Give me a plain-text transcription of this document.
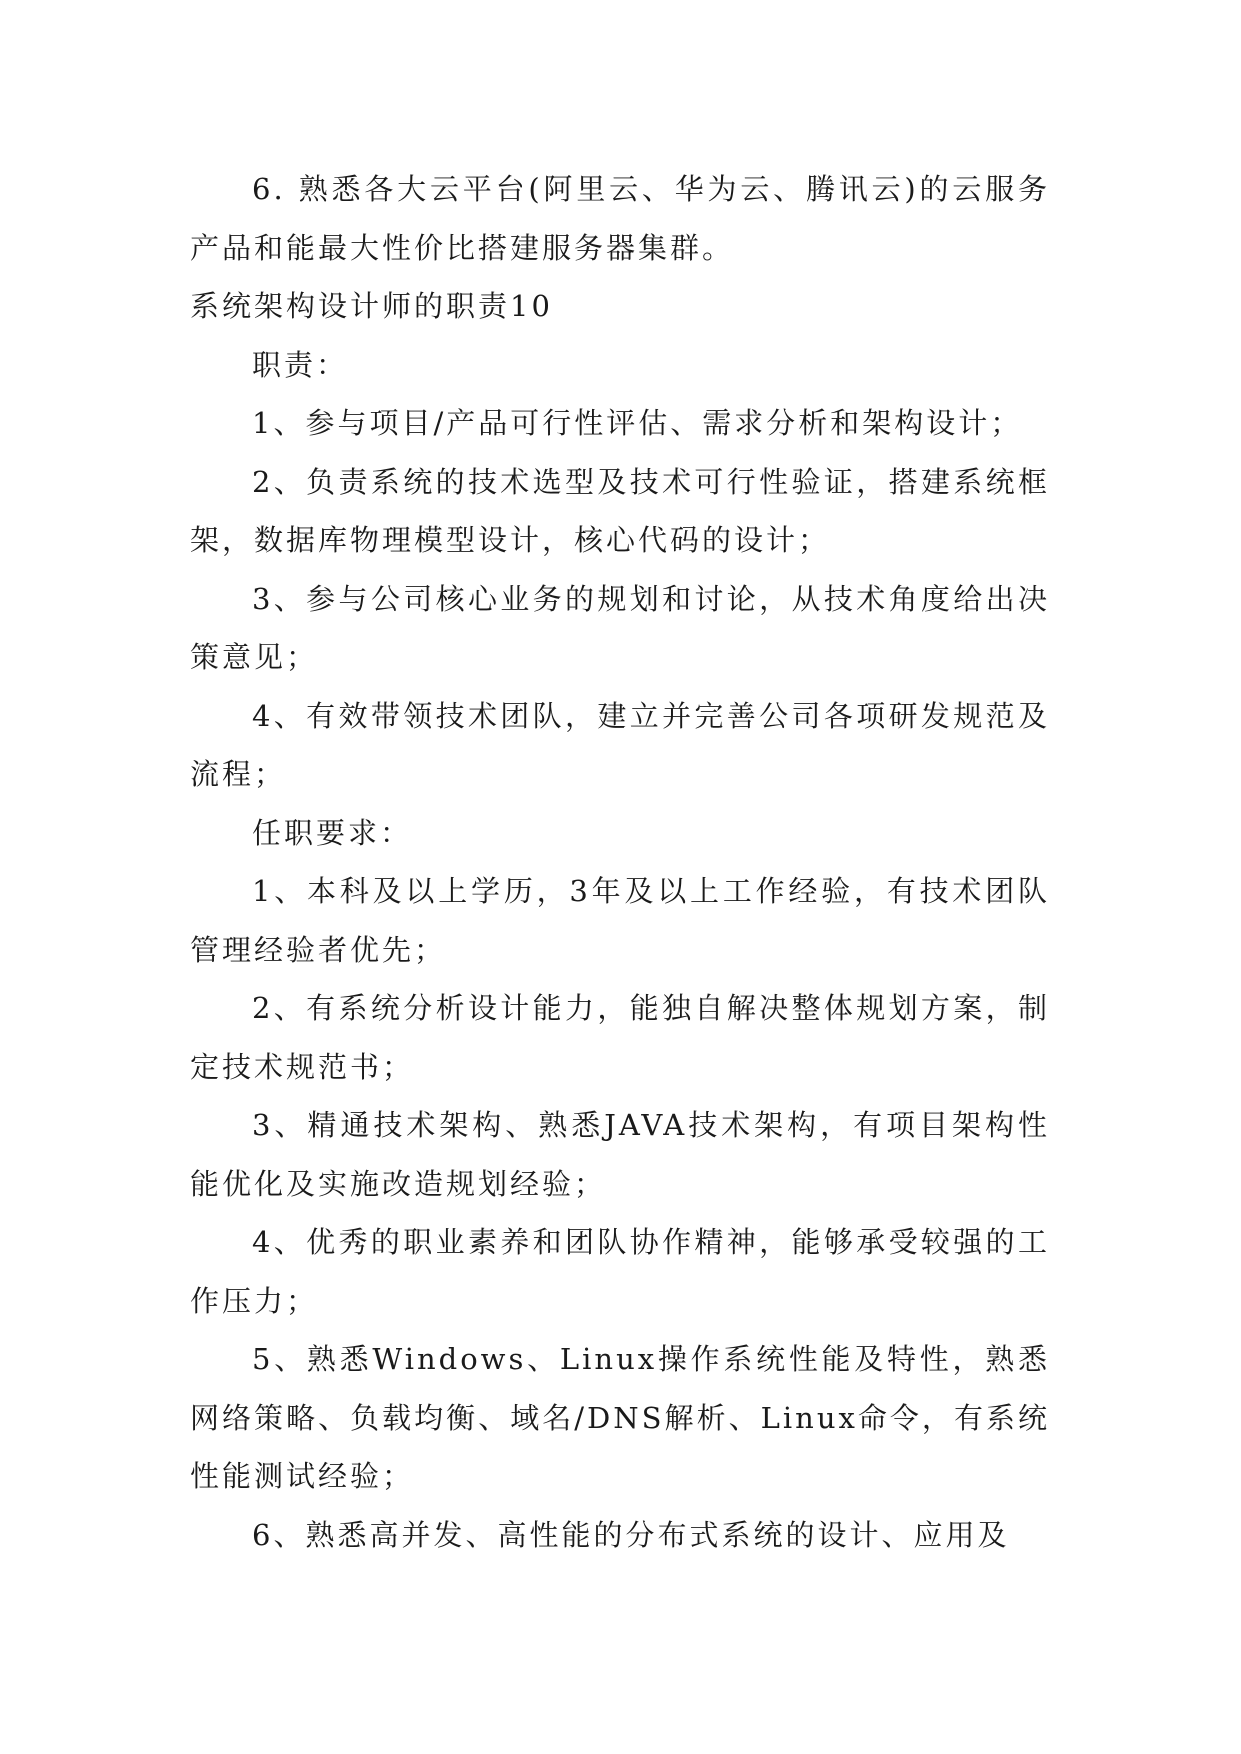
6. 熟悉各大云平台(阿里云、华为云、腾讯云)的云服务产品和能最大性价比搭建服务器集群。

系统架构设计师的职责10

职责：

1、参与项目/产品可行性评估、需求分析和架构设计；

2、负责系统的技术选型及技术可行性验证，搭建系统框架，数据库物理模型设计，核心代码的设计；

3、参与公司核心业务的规划和讨论，从技术角度给出决策意见；

4、有效带领技术团队，建立并完善公司各项研发规范及流程；

任职要求：

1、本科及以上学历，3年及以上工作经验，有技术团队管理经验者优先；

2、有系统分析设计能力，能独自解决整体规划方案，制定技术规范书；

3、精通技术架构、熟悉JAVA技术架构，有项目架构性能优化及实施改造规划经验；

4、优秀的职业素养和团队协作精神，能够承受较强的工作压力；

5、熟悉Windows、Linux操作系统性能及特性，熟悉网络策略、负载均衡、域名/DNS解析、Linux命令，有系统性能测试经验；

6、熟悉高并发、高性能的分布式系统的设计、应用及
